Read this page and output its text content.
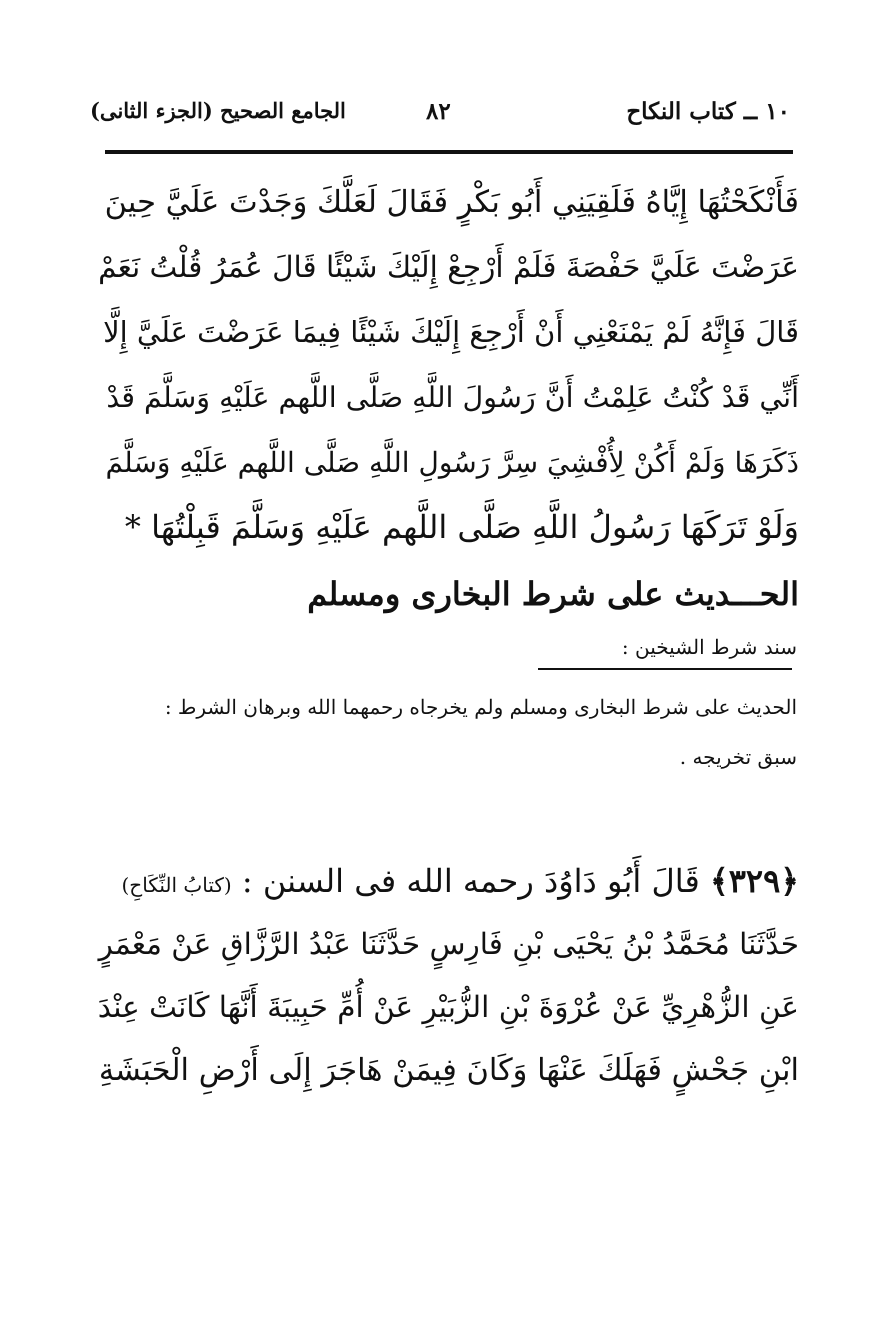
١٠ ــ كتاب النكاح
٨٢
الجامع الصحيح (الجزء الثانى)
فَأَنْكَحْتُهَا إِيَّاهُ فَلَقِيَنِي أَبُو بَكْرٍ فَقَالَ لَعَلَّكَ وَجَدْتَ عَلَيَّ حِينَ
عَرَضْتَ عَلَيَّ حَفْصَةَ فَلَمْ أَرْجِعْ إِلَيْكَ شَيْئًا قَالَ عُمَرُ قُلْتُ نَعَمْ
قَالَ فَإِنَّهُ لَمْ يَمْنَعْنِي أَنْ أَرْجِعَ إِلَيْكَ شَيْئًا فِيمَا عَرَضْتَ عَلَيَّ إِلَّا
أَنِّي قَدْ كُنْتُ عَلِمْتُ أَنَّ رَسُولَ اللَّهِ صَلَّى اللَّهم عَلَيْهِ وَسَلَّمَ قَدْ
ذَكَرَهَا وَلَمْ أَكُنْ لِأُفْشِيَ سِرَّ رَسُولِ اللَّهِ صَلَّى اللَّهم عَلَيْهِ وَسَلَّمَ
وَلَوْ تَرَكَهَا رَسُولُ اللَّهِ صَلَّى اللَّهم عَلَيْهِ وَسَلَّمَ قَبِلْتُهَا *
الحـــديث على شرط البخارى ومسلم
سند شرط الشيخين :
الحديث على شرط البخارى ومسلم ولم يخرجاه رحمهما الله وبرهان الشرط :
سبق تخريجه .
﴿٣٢٩﴾ قَالَ أَبُو دَاوُدَ رحمه الله فى السنن : (كتابُ النِّكَاحِ)
حَدَّثَنَا مُحَمَّدُ بْنُ يَحْيَى بْنِ فَارِسٍ حَدَّثَنَا عَبْدُ الرَّزَّاقِ عَنْ مَعْمَرٍ
عَنِ الزُّهْرِيِّ عَنْ عُرْوَةَ بْنِ الزُّبَيْرِ عَنْ أُمِّ حَبِيبَةَ أَنَّهَا كَانَتْ عِنْدَ
ابْنِ جَحْشٍ فَهَلَكَ عَنْهَا وَكَانَ فِيمَنْ هَاجَرَ إِلَى أَرْضِ الْحَبَشَةِ
